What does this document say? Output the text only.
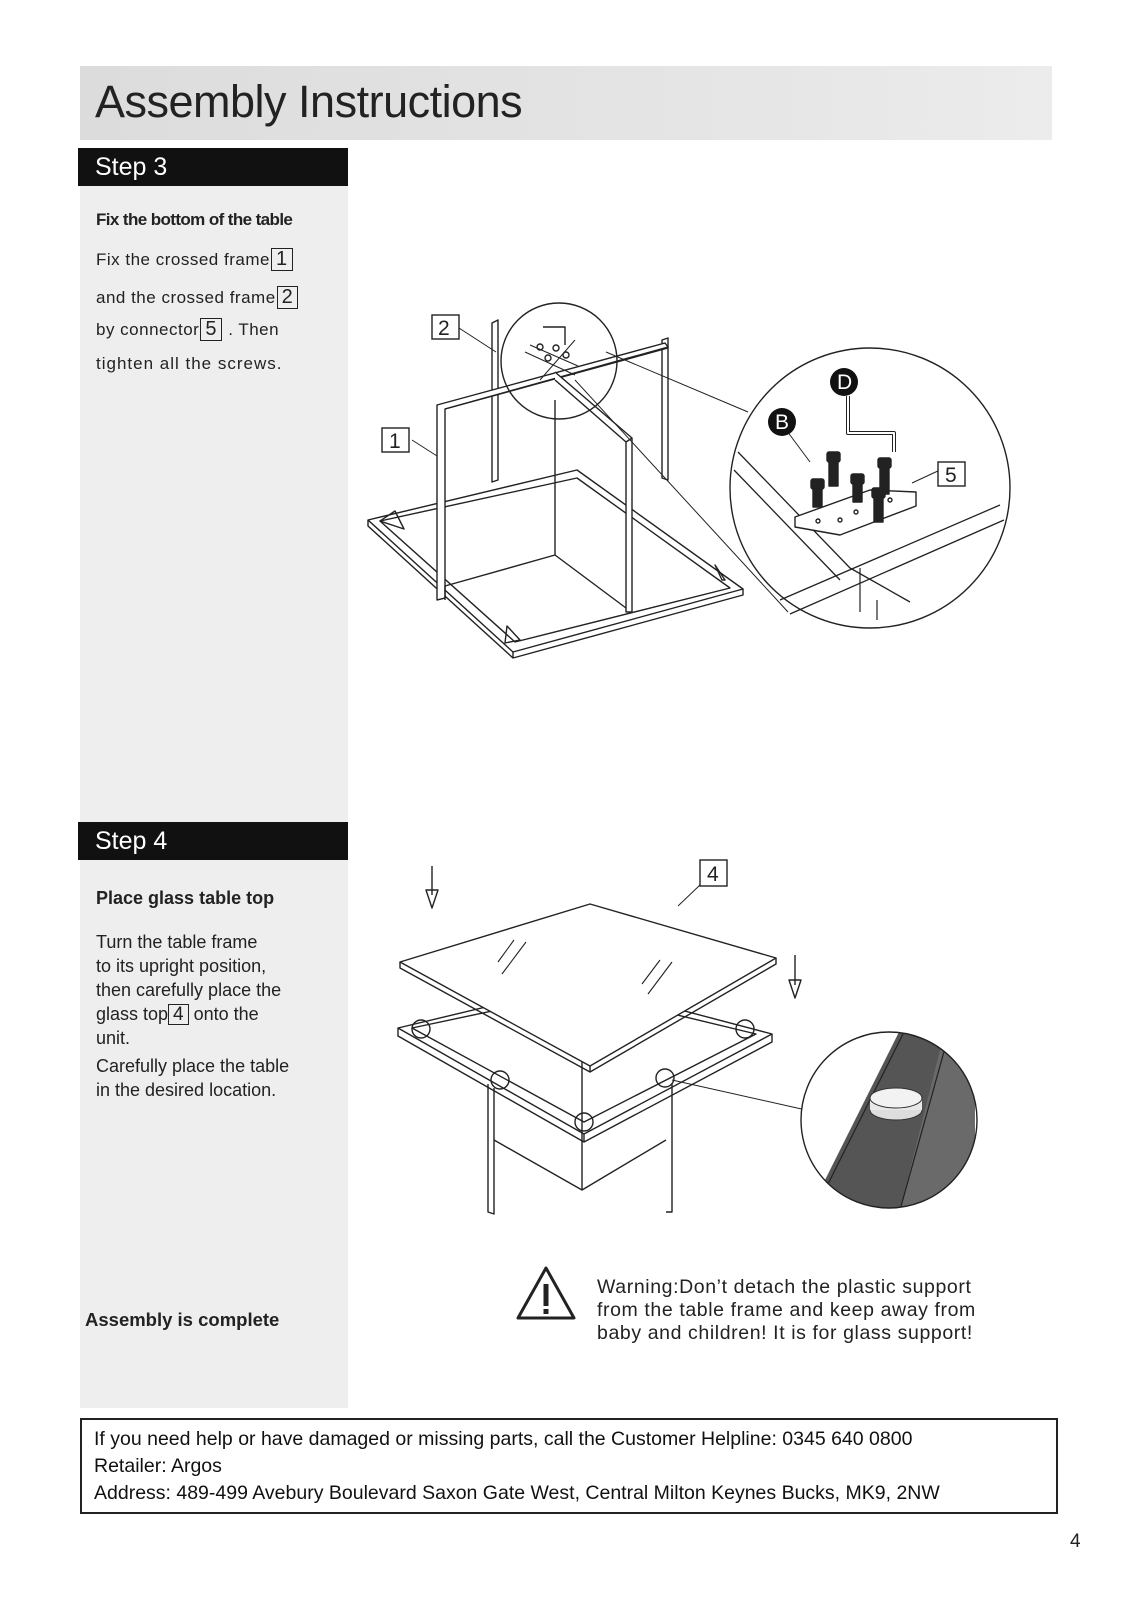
Assembly Instructions
Step 3
Fix the bottom of the table
Fix the crossed frame 1
and the crossed frame 2
by connector 5 . Then
tighten all the screws.
2
1
5
B
D
Step 4
Place glass table top
Turn the table frame
to its upright position,
then carefully place the
glass top 4 onto the
unit.
Carefully place the table
in the desired location.
4
Warning:Don’t detach the plastic support
from the table frame and keep away from
baby and children! It is for glass support!
Assembly is complete
If you need help or have damaged or missing parts, call the Customer Helpline: 0345 640 0800
Retailer: Argos
Address: 489-499 Avebury Boulevard Saxon Gate West, Central Milton Keynes Bucks, MK9, 2NW
4
